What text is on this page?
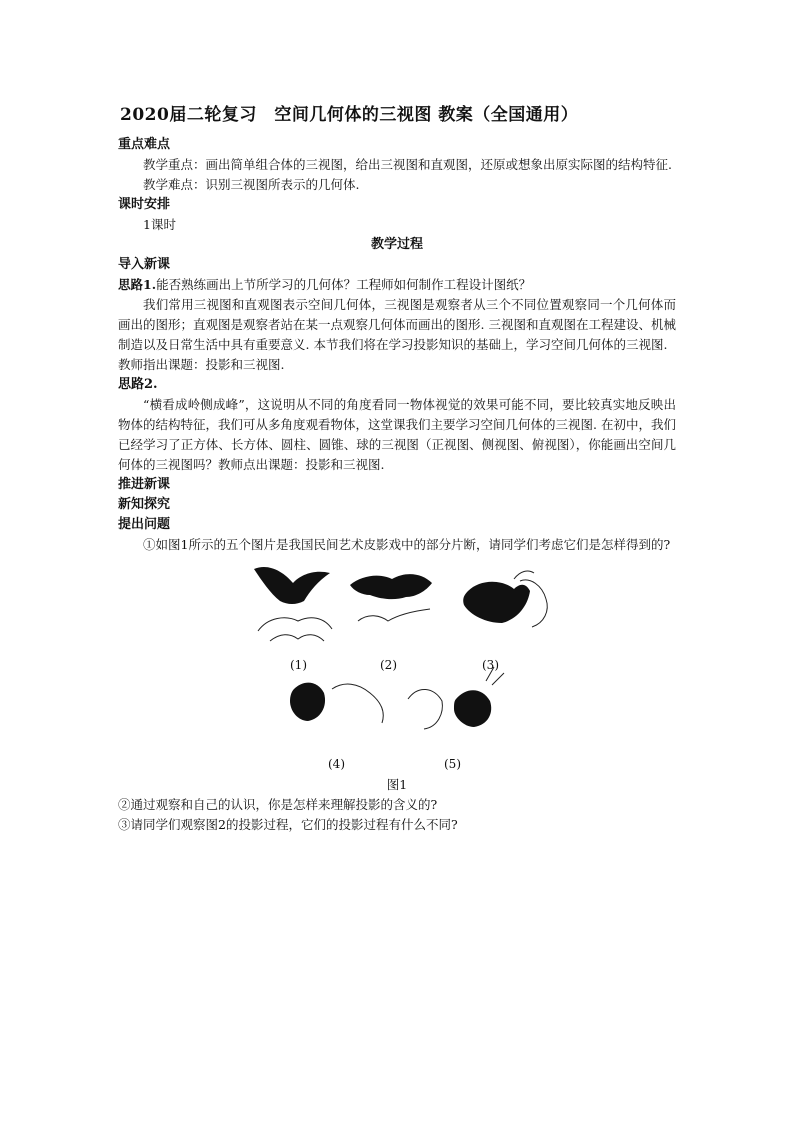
2020届二轮复习　空间几何体的三视图 教案（全国通用）

重点难点

教学重点：画出简单组合体的三视图，给出三视图和直观图，还原或想象出原实际图的结构特征.

教学难点：识别三视图所表示的几何体.

课时安排

1课时

教学过程

导入新课

思路1.能否熟练画出上节所学习的几何体？工程师如何制作工程设计图纸？

我们常用三视图和直观图表示空间几何体，三视图是观察者从三个不同位置观察同一个几何体而画出的图形；直观图是观察者站在某一点观察几何体而画出的图形. 三视图和直观图在工程建设、机械制造以及日常生活中具有重要意义. 本节我们将在学习投影知识的基础上，学习空间几何体的三视图.

教师指出课题：投影和三视图.

思路2.

“横看成岭侧成峰”，这说明从不同的角度看同一物体视觉的效果可能不同，要比较真实地反映出物体的结构特征，我们可从多角度观看物体，这堂课我们主要学习空间几何体的三视图. 在初中，我们已经学习了正方体、长方体、圆柱、圆锥、球的三视图（正视图、侧视图、俯视图），你能画出空间几何体的三视图吗？教师点出课题：投影和三视图.

推进新课

新知探究

提出问题

①如图1所示的五个图片是我国民间艺术皮影戏中的部分片断，请同学们考虑它们是怎样得到的?

(1)	(2)	(3)
(4)	(5)
图1

②通过观察和自己的认识，你是怎样来理解投影的含义的?

③请同学们观察图2的投影过程，它们的投影过程有什么不同?
